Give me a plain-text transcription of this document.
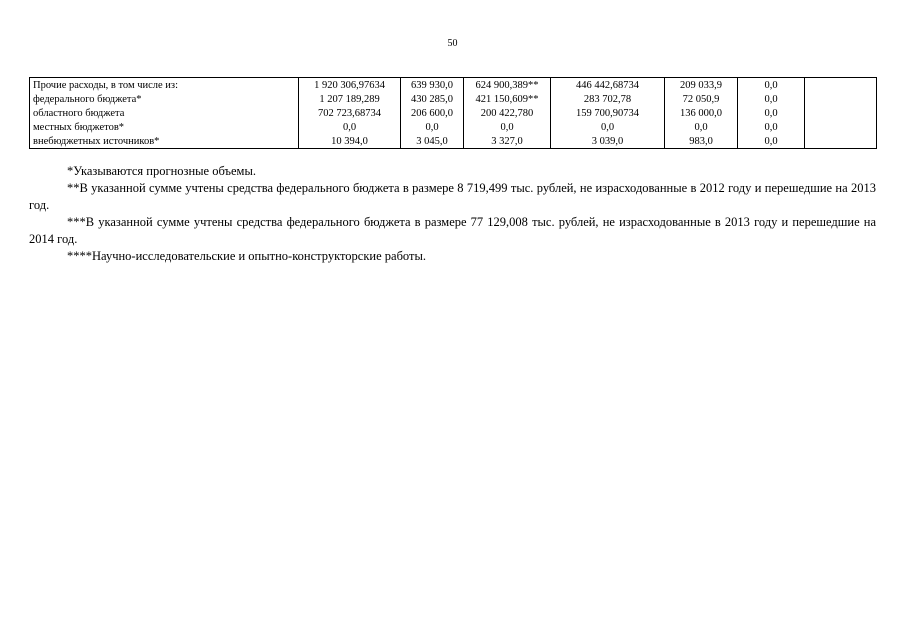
50
Прочие расходы, в том числе из:	1 920 306,97634	639 930,0	624 900,389**	446 442,68734	209 033,9	0,0	
федерального бюджета*	1 207 189,289	430 285,0	421 150,609**	283 702,78	72 050,9	0,0	
областного бюджета	702 723,68734	206 600,0	200 422,780	159 700,90734	136 000,0	0,0	
местных бюджетов*	0,0	0,0	0,0	0,0	0,0	0,0	
внебюджетных источников*	10 394,0	3 045,0	3 327,0	3 039,0	983,0	0,0	

*Указываются прогнозные объемы.

**В указанной сумме учтены средства федерального бюджета в размере 8 719,499 тыс. рублей, не израсходованные в 2012 году и перешедшие на 2013 год.

***В указанной сумме учтены средства федерального бюджета в размере 77 129,008 тыс. рублей, не израсходованные в 2013 году и перешедшие на 2014 год.

****Научно-исследовательские и опытно-конструкторские работы.
